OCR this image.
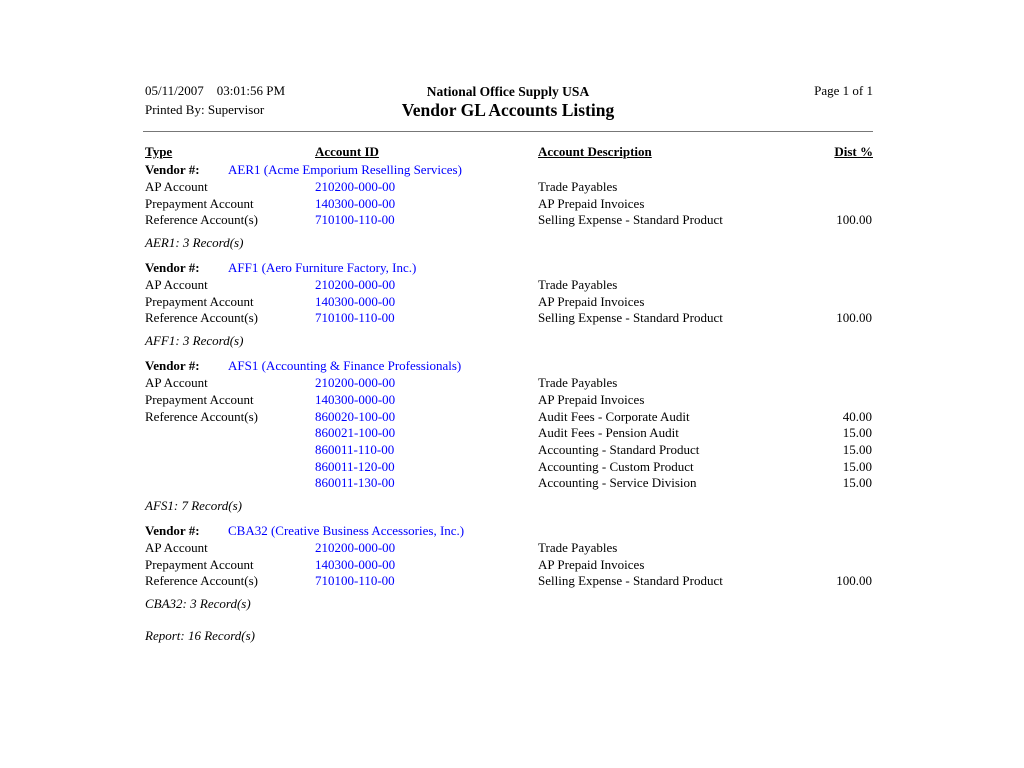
05/11/2007 03:01:56 PM
Printed By: Supervisor
National Office Supply USA
Vendor GL Accounts Listing
Page 1 of 1
Type	Account ID	Account Description	Dist %
Vendor #: AER1 (Acme Emporium Reselling Services)
AP Account	210200-000-00	Trade Payables
Prepayment Account	140300-000-00	AP Prepaid Invoices
Reference Account(s)	710100-110-00	Selling Expense - Standard Product	100.00
AER1: 3 Record(s)
Vendor #: AFF1 (Aero Furniture Factory, Inc.)
AP Account	210200-000-00	Trade Payables
Prepayment Account	140300-000-00	AP Prepaid Invoices
Reference Account(s)	710100-110-00	Selling Expense - Standard Product	100.00
AFF1: 3 Record(s)
Vendor #: AFS1 (Accounting & Finance Professionals)
AP Account	210200-000-00	Trade Payables
Prepayment Account	140300-000-00	AP Prepaid Invoices
Reference Account(s)	860020-100-00	Audit Fees - Corporate Audit	40.00
860021-100-00	Audit Fees - Pension Audit	15.00
860011-110-00	Accounting - Standard Product	15.00
860011-120-00	Accounting - Custom Product	15.00
860011-130-00	Accounting - Service Division	15.00
AFS1: 7 Record(s)
Vendor #: CBA32 (Creative Business Accessories, Inc.)
AP Account	210200-000-00	Trade Payables
Prepayment Account	140300-000-00	AP Prepaid Invoices
Reference Account(s)	710100-110-00	Selling Expense - Standard Product	100.00
CBA32: 3 Record(s)
Report: 16 Record(s)
